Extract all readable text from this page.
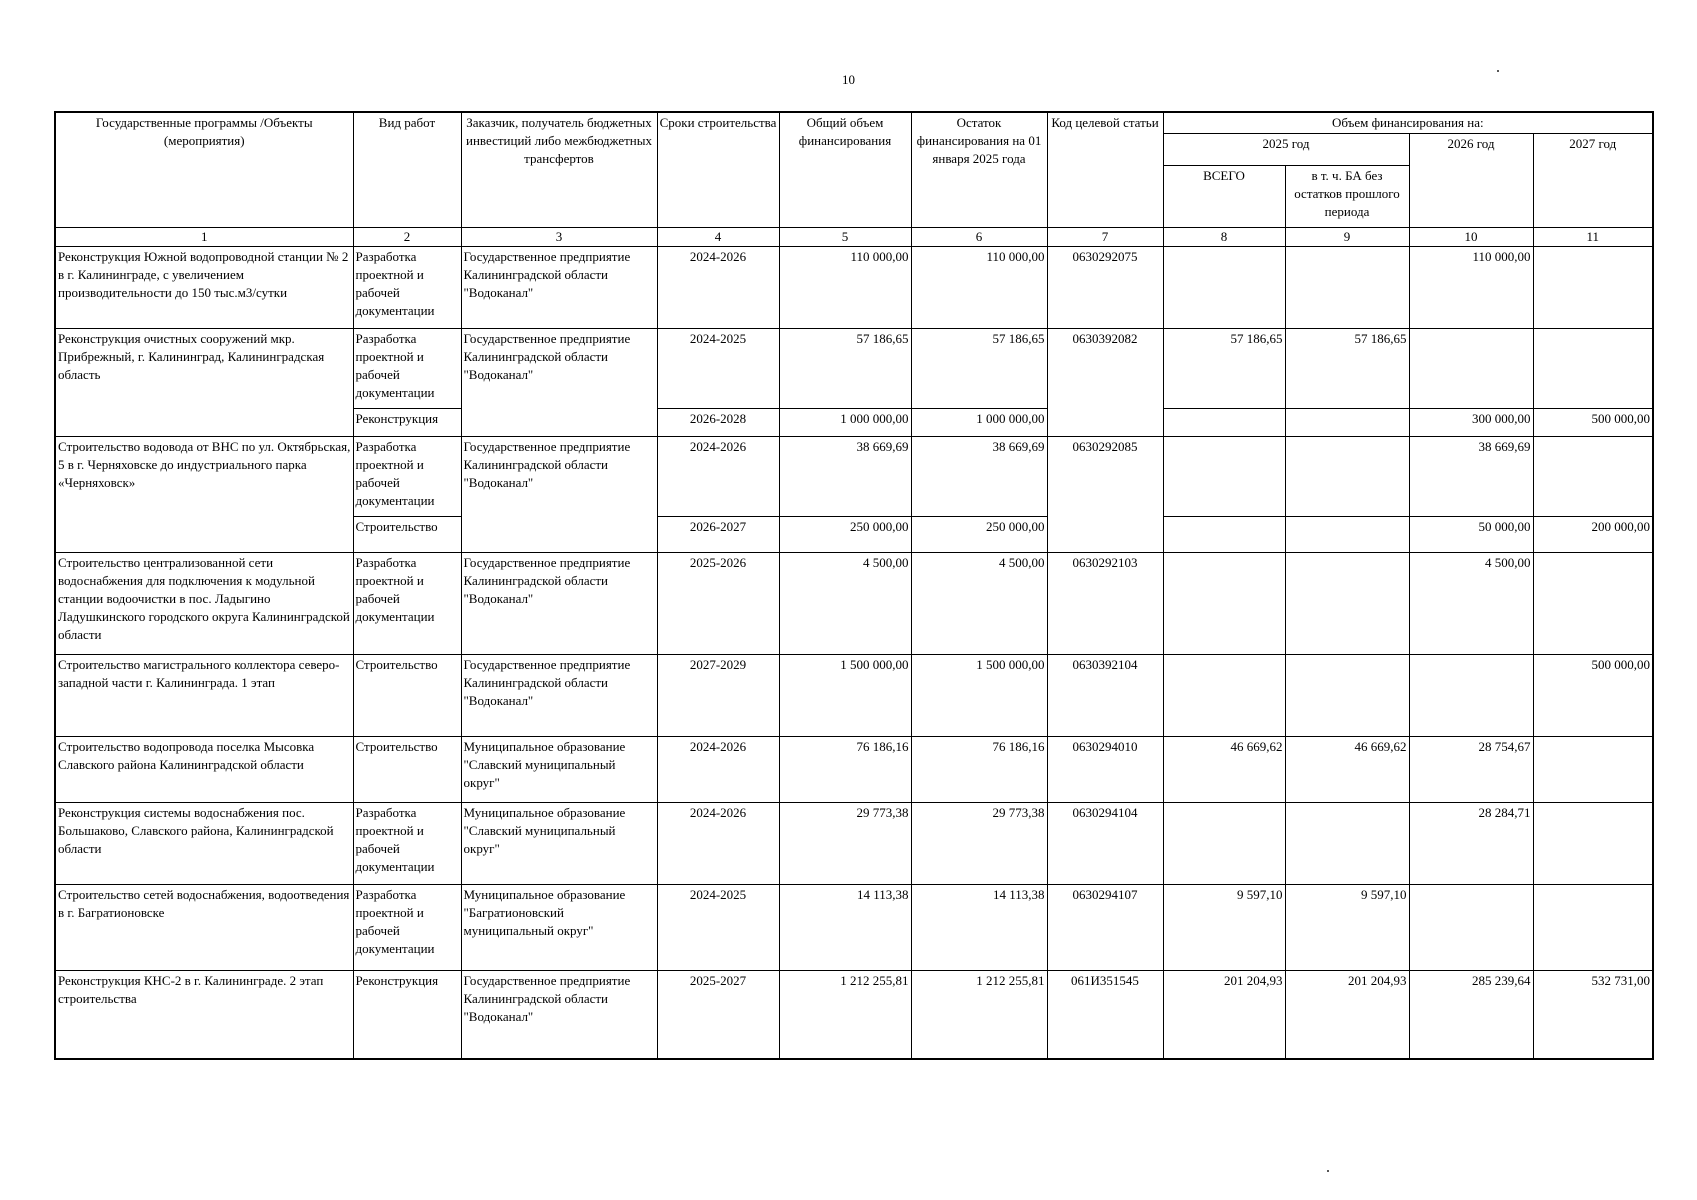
10
Государственные программы /Объекты (мероприятия)	Вид работ	Заказчик, получатель бюджетных инвестиций либо межбюджетных трансфертов	Сроки строительства	Общий объем финансирования	Остаток финансирования на 01 января 2025 года	Код целевой статьи	Объем финансирования на:			
							2025 год		2026 год	2027 год
							ВСЕГО	в т. ч. БА без остатков прошлого периода		
1	2	3	4	5	6	7	8	9	10	11
Реконструкция Южной водопроводной станции № 2 в г. Калининграде, с увеличением производительности до 150 тыс.м3/сутки	Разработка проектной и рабочей документации	Государственное предприятие Калининградской области "Водоканал"	2024-2026	110 000,00	110 000,00	0630292075			110 000,00	
Реконструкция очистных сооружений мкр. Прибрежный, г. Калининград, Калининградская область	Разработка проектной и рабочей документации	Государственное предприятие Калининградской области "Водоканал"	2024-2025	57 186,65	57 186,65	0630392082	57 186,65	57 186,65		
	Реконструкция		2026-2028	1 000 000,00	1 000 000,00				300 000,00	500 000,00
Строительство водовода от ВНС по ул. Октябрьская, 5 в г. Черняховске до индустриального парка «Черняховск»	Разработка проектной и рабочей документации	Государственное предприятие Калининградской области "Водоканал"	2024-2026	38 669,69	38 669,69	0630292085			38 669,69	
	Строительство		2026-2027	250 000,00	250 000,00				50 000,00	200 000,00
Строительство централизованной сети водоснабжения для подключения к модульной станции водоочистки в пос. Ладыгино Ладушкинского городского округа Калининградской области	Разработка проектной и рабочей документации	Государственное предприятие Калининградской области "Водоканал"	2025-2026	4 500,00	4 500,00	0630292103			4 500,00	
Строительство магистрального коллектора северо-западной части г. Калининграда. 1 этап	Строительство	Государственное предприятие Калининградской области "Водоканал"	2027-2029	1 500 000,00	1 500 000,00	0630392104				500 000,00
Строительство водопровода поселка Мысовка Славского района Калининградской области	Строительство	Муниципальное образование "Славский муниципальный округ"	2024-2026	76 186,16	76 186,16	0630294010	46 669,62	46 669,62	28 754,67	
Реконструкция системы водоснабжения пос. Большаково, Славского района, Калининградской области	Разработка проектной и рабочей документации	Муниципальное образование "Славский муниципальный округ"	2024-2026	29 773,38	29 773,38	0630294104			28 284,71	
Строительство сетей водоснабжения, водоотведения в г. Багратионовске	Разработка проектной и рабочей документации	Муниципальное образование "Багратионовский муниципальный округ"	2024-2025	14 113,38	14 113,38	0630294107	9 597,10	9 597,10		
Реконструкция КНС-2 в г. Калининграде. 2 этап строительства	Реконструкция	Государственное предприятие Калининградской области "Водоканал"	2025-2027	1 212 255,81	1 212 255,81	061И351545	201 204,93	201 204,93	285 239,64	532 731,00
